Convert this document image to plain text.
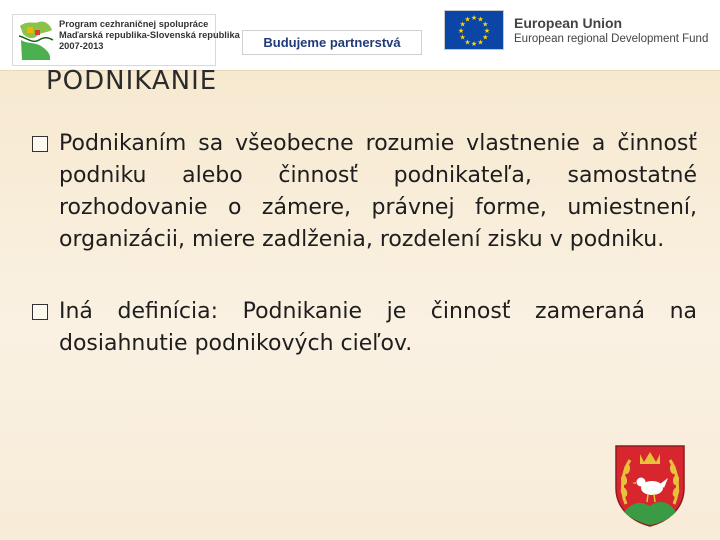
Program cezhraničnej spolupráce
Maďarská republika-Slovenská republika
2007-2013	Budujeme partnerstvá
★ ★
★
★
★
★
★
★
★
★
★
★	European Union
European regional Development Fund
PODNIKANIE
Podnikaním sa všeobecne rozumie vlastnenie a činnosť podniku alebo činnosť podnikateľa, samostatné rozhodovanie o zámere, právnej forme, umiestnení, organizácii, miere zadlženia, rozdelení zisku v podniku.
Iná definícia: Podnikanie je činnosť zameraná na dosiahnutie podnikových cieľov.
